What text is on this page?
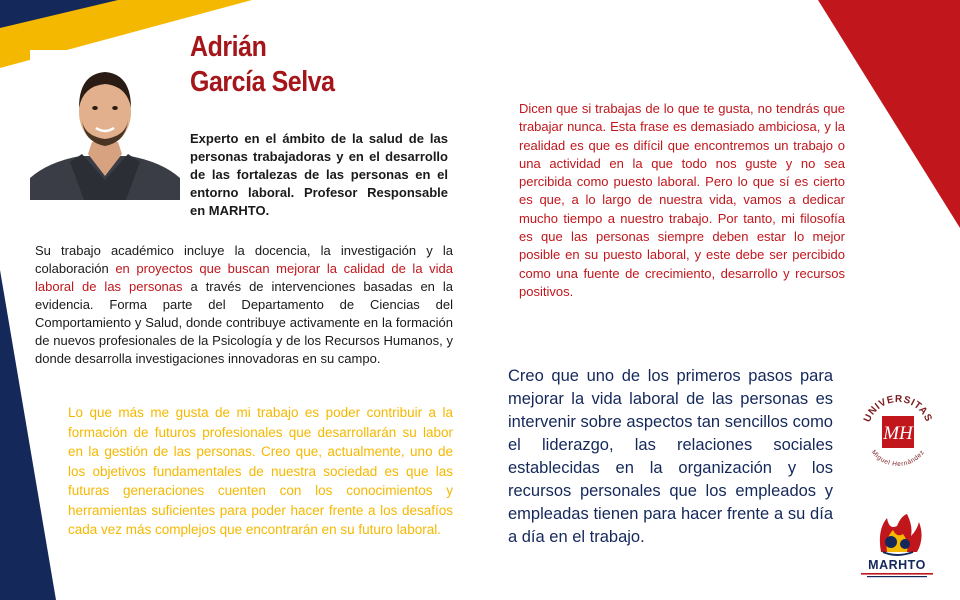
Adrián
García Selva
Experto en el ámbito de la salud de las personas trabajadoras y en el desarrollo de las fortalezas de las personas en el entorno laboral. Profesor Responsable en MARHTO.
Su trabajo académico incluye la docencia, la investigación y la colaboración en proyectos que buscan mejorar la calidad de la vida laboral de las personas a través de intervenciones basadas en la evidencia. Forma parte del Departamento de Ciencias del Comportamiento y Salud, donde contribuye activamente en la formación de nuevos profesionales de la Psicología y de los Recursos Humanos, y donde desarrolla investigaciones innovadoras en su campo.
Dicen que si trabajas de lo que te gusta, no tendrás que trabajar nunca. Esta frase es demasiado ambiciosa, y la realidad es que es difícil que encontremos un trabajo o una actividad en la que todo nos guste y no sea percibida como puesto laboral. Pero lo que sí es cierto es que, a lo largo de nuestra vida, vamos a dedicar mucho tiempo a nuestro trabajo. Por tanto, mi filosofía es que las personas siempre deben estar lo mejor posible en su puesto laboral, y este debe ser percibido como una fuente de crecimiento, desarrollo y recursos positivos.
Lo que más me gusta de mi trabajo es poder contribuir a la formación de futuros profesionales que desarrollarán su labor en la gestión de las personas. Creo que, actualmente, uno de los objetivos fundamentales de nuestra sociedad es que las futuras generaciones cuenten con los conocimientos y herramientas suficientes para poder hacer frente a los desafíos cada vez más complejos que encontrarán en su futuro laboral.
Creo que uno de los primeros pasos para mejorar la vida laboral de las personas es intervenir sobre aspectos tan sencillos como el liderazgo, las relaciones sociales establecidas en la organización y los recursos personales que los empleados y empleadas tienen para hacer frente a su día a día en el trabajo.
UNIVERSITAS
Miguel Hernández
MH
MARHTO
